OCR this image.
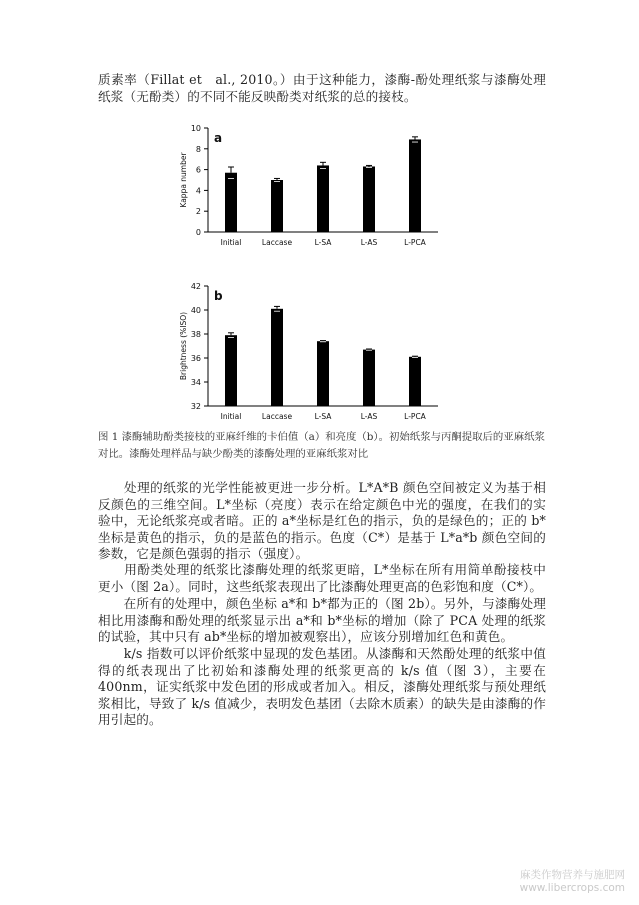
质素率（Fillat et　al., 2010。）由于这种能力，漆酶-酚处理纸浆与漆酶处理纸浆（无酚类）的不同不能反映酚类对纸浆的总的接枝。

0
2
4
6
8
10
Kappa number
a
Initial	Laccase	L-SA	L-AS	L-PCA
32
34
36
38
40
42
Brightness (%ISO)
b
Initial	Laccase	L-SA	L-AS	L-PCA

图 1 漆酶辅助酚类接枝的亚麻纤维的卡伯值（a）和亮度（b）。初始纸浆与丙酮提取后的亚麻纸浆对比。漆酶处理样品与缺少酚类的漆酶处理的亚麻纸浆对比

　　处理的纸浆的光学性能被更进一步分析。L*A*B 颜色空间被定义为基于相反颜色的三维空间。L*坐标（亮度）表示在给定颜色中光的强度，在我们的实验中，无论纸浆亮或者暗。正的 a*坐标是红色的指示，负的是绿色的；正的 b*坐标是黄色的指示，负的是蓝色的指示。色度（C*）是基于 L*a*b 颜色空间的参数，它是颜色强弱的指示（强度）。

　　用酚类处理的纸浆比漆酶处理的纸浆更暗，L*坐标在所有用简单酚接枝中更小（图 2a）。同时，这些纸浆表现出了比漆酶处理更高的色彩饱和度（C*）。

　　在所有的处理中，颜色坐标 a*和 b*都为正的（图 2b）。另外，与漆酶处理相比用漆酶和酚处理的纸浆显示出 a*和 b*坐标的增加（除了 PCA 处理的纸浆的试验，其中只有 ab*坐标的增加被观察出），应该分别增加红色和黄色。

　　k/s 指数可以评价纸浆中显现的发色基团。从漆酶和天然酚处理的纸浆中值得的纸表现出了比初始和漆酶处理的纸浆更高的 k/s 值（图 3），主要在 400nm，证实纸浆中发色团的形成或者加入。相反，漆酶处理纸浆与预处理纸浆相比，导致了 k/s 值减少，表明发色基团（去除木质素）的缺失是由漆酶的作用引起的。

麻类作物营养与施肥网
www.libercrops.com
